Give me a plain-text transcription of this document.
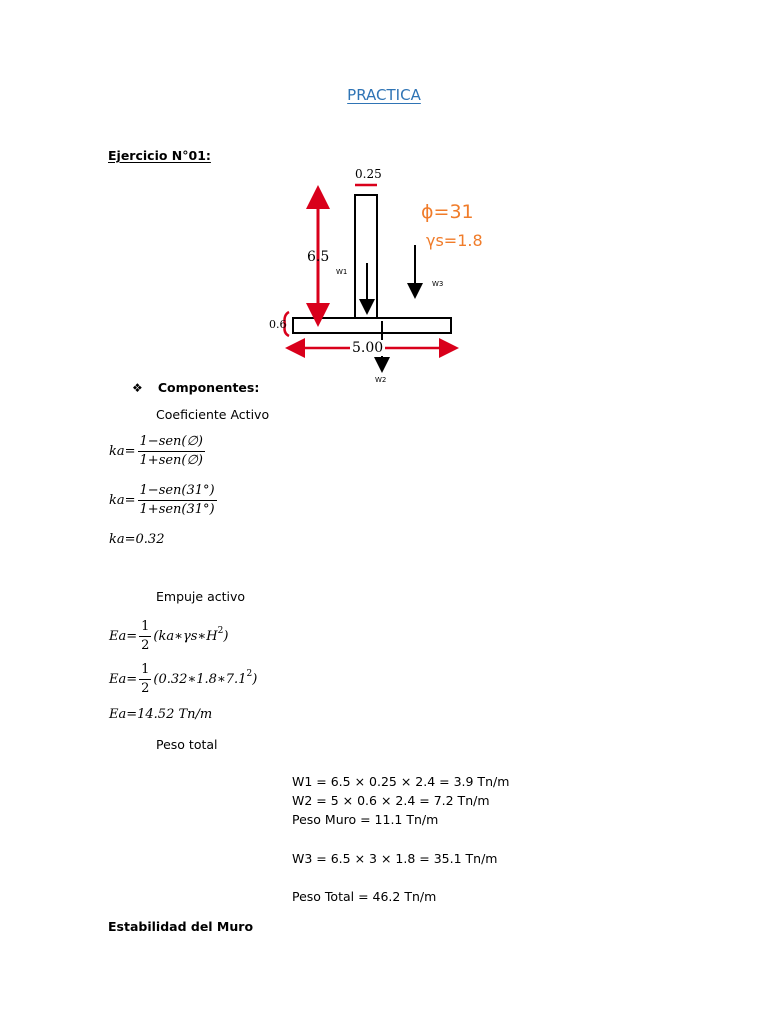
PRACTICA
Ejercicio N°01:
0.25
6.5
0.6
5.00
W1
W3
W2
ϕ=31
γs=1.8
❖ Componentes:
Coeficiente Activo
$ka= \frac{\text{1−sen(∅)}}{\text{1+sen(∅)}}$
$ka= \frac{\text{1−sen(31°)}}{\text{1+sen(31°)}}$
ka=0.32
Empuje activo
$Ea= \frac{1}{2}$ $(ka∗\gamma s∗H^2)$
$Ea= \frac{1}{2}$ $(0.32∗1.8∗7.1^2)$
Ea=14.52 Tn/m
Peso total
W1 = 6.5 × 0.25 × 2.4 = 3.9 Tn/m
W2 = 5 × 0.6 × 2.4 = 7.2 Tn/m
Peso Muro = 11.1 Tn/m
W3 = 6.5 × 3 × 1.8 = 35.1 Tn/m
Peso Total = 46.2 Tn/m
Estabilidad del Muro
